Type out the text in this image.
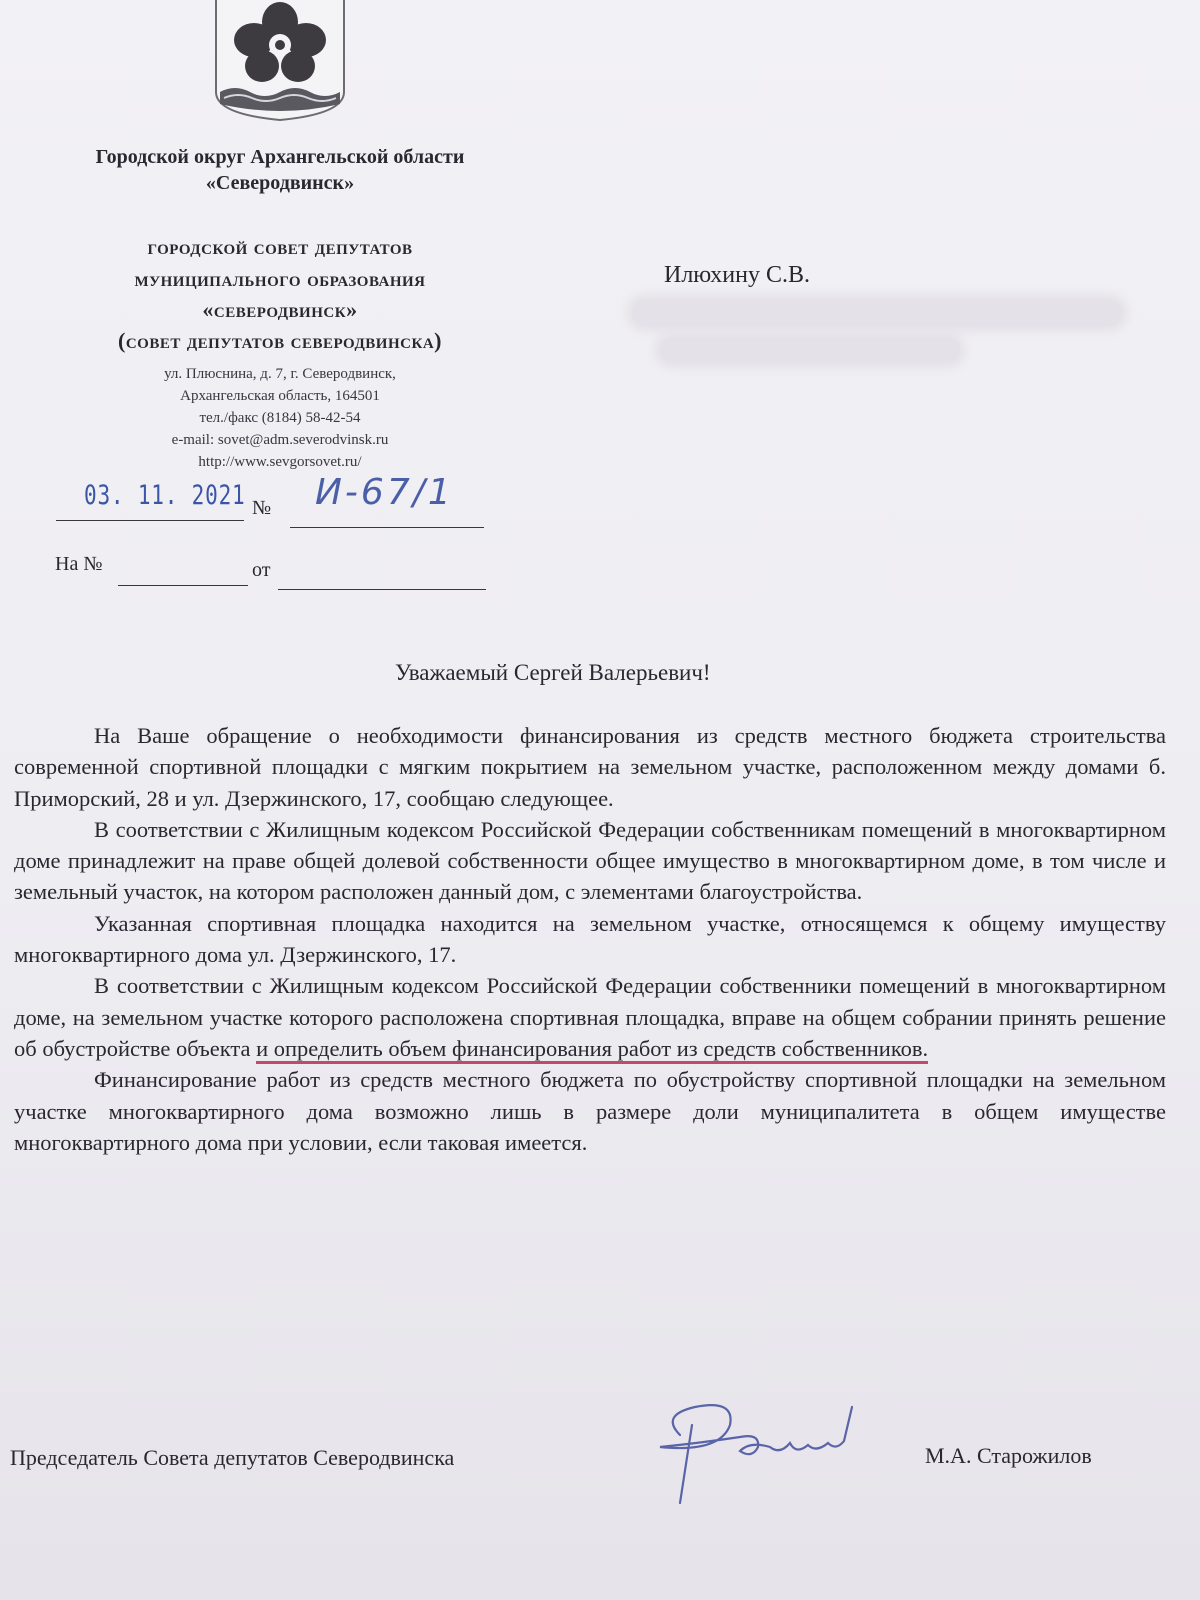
Городской округ Архангельской области
«Северодвинск»
городской совет депутатов
муниципального образования
«северодвинск»
(совет депутатов северодвинска)
ул. Плюснина, д. 7, г. Северодвинск,
Архангельская область, 164501
тел./факс (8184) 58-42-54
e-mail: sovet@adm.severodvinsk.ru
http://www.sevgorsovet.ru/
03. 11. 2021 № И-67/1
На №	от
Илюхину С.В.
Уважаемый Сергей Валерьевич!

На Ваше обращение о необходимости финансирования из средств местного бюджета строительства современной спортивной площадки с мягким покрытием на земельном участке, расположенном между домами б. Приморский, 28 и ул. Дзержинского, 17, сообщаю следующее.

В соответствии с Жилищным кодексом Российской Федерации собственникам помещений в многоквартирном доме принадлежит на праве общей долевой собственности общее имущество в многоквартирном доме, в том числе и земельный участок, на котором расположен данный дом, с элементами благоустройства.

Указанная спортивная площадка находится на земельном участке, относящемся к общему имуществу многоквартирного дома ул. Дзержинского, 17.

В соответствии с Жилищным кодексом Российской Федерации собственники помещений в многоквартирном доме, на земельном участке которого расположена спортивная площадка, вправе на общем собрании принять решение об обустройстве объекта и определить объем финансирования работ из средств собственников.

Финансирование работ из средств местного бюджета по обустройству спортивной площадки на земельном участке многоквартирного дома возможно лишь в размере доли муниципалитета в общем имуществе многоквартирного дома при условии, если таковая имеется.

Председатель Совета депутатов Северодвинска	М.А. Старожилов
